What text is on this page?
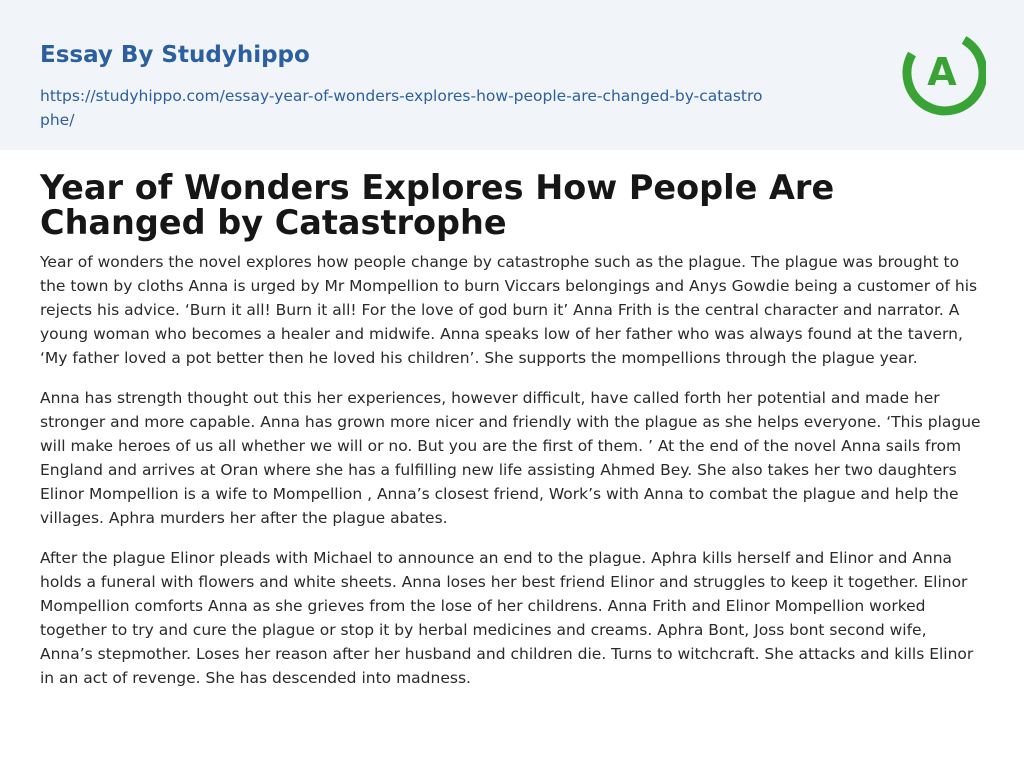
Essay By Studyhippo
https://studyhippo.com/essay-year-of-wonders-explores-how-people-are-changed-by-catastrophe/
A
Year of Wonders Explores How People Are Changed by Catastrophe

Year of wonders the novel explores how people change by catastrophe such as the plague. The plague was brought to the town by cloths Anna is urged by Mr Mompellion to burn Viccars belongings and Anys Gowdie being a customer of his rejects his advice. ‘Burn it all! Burn it all! For the love of god burn it’ Anna Frith is the central character and narrator. A young woman who becomes a healer and midwife. Anna speaks low of her father who was always found at the tavern, ‘My father loved a pot better then he loved his children’. She supports the mompellions through the plague year.

Anna has strength thought out this her experiences, however difficult, have called forth her potential and made her stronger and more capable. Anna has grown more nicer and friendly with the plague as she helps everyone. ‘This plague will make heroes of us all whether we will or no. But you are the first of them. ’ At the end of the novel Anna sails from England and arrives at Oran where she has a fulfilling new life assisting Ahmed Bey. She also takes her two daughters Elinor Mompellion is a wife to Mompellion , Anna’s closest friend, Work’s with Anna to combat the plague and help the villages. Aphra murders her after the plague abates.

After the plague Elinor pleads with Michael to announce an end to the plague. Aphra kills herself and Elinor and Anna holds a funeral with flowers and white sheets. Anna loses her best friend Elinor and struggles to keep it together. Elinor Mompellion comforts Anna as she grieves from the lose of her childrens. Anna Frith and Elinor Mompellion worked together to try and cure the plague or stop it by herbal medicines and creams. Aphra Bont, Joss bont second wife, Anna’s stepmother. Loses her reason after her husband and children die. Turns to witchcraft. She attacks and kills Elinor in an act of revenge. She has descended into madness.
